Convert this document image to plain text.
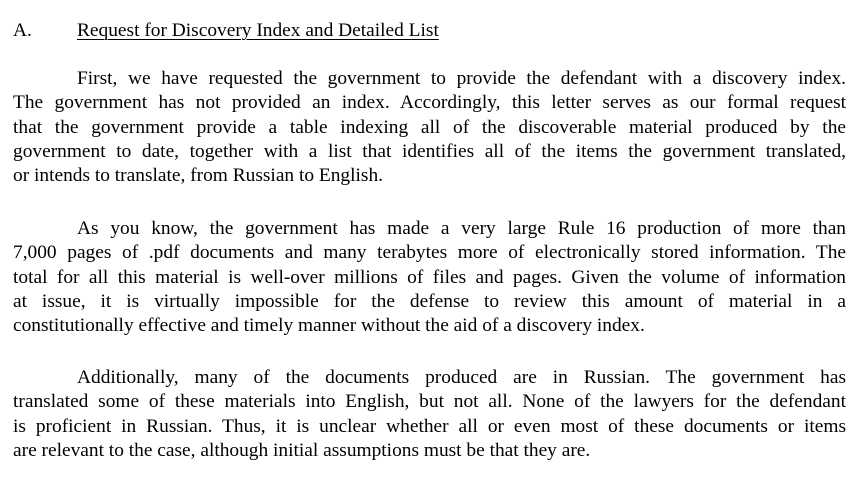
A. Request for Discovery Index and Detailed List
First, we have requested the government to provide the defendant with a discovery index.
The government has not provided an index. Accordingly, this letter serves as our formal request
that the government provide a table indexing all of the discoverable material produced by the
government to date, together with a list that identifies all of the items the government translated,
or intends to translate, from Russian to English.
As you know, the government has made a very large Rule 16 production of more than
7,000 pages of .pdf documents and many terabytes more of electronically stored information. The
total for all this material is well-over millions of files and pages. Given the volume of information
at issue, it is virtually impossible for the defense to review this amount of material in a
constitutionally effective and timely manner without the aid of a discovery index.
Additionally, many of the documents produced are in Russian. The government has
translated some of these materials into English, but not all. None of the lawyers for the defendant
is proficient in Russian. Thus, it is unclear whether all or even most of these documents or items
are relevant to the case, although initial assumptions must be that they are.
